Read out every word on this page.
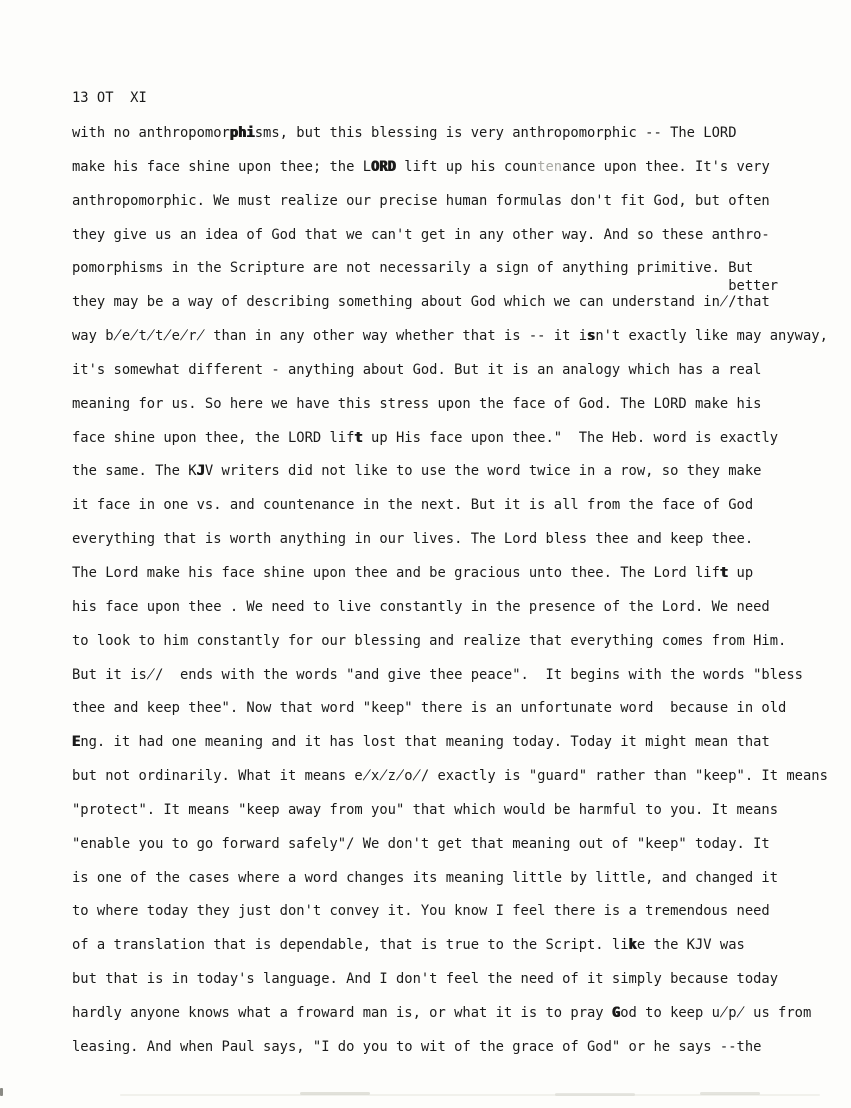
13 OT  XI
with no anthropomorphisms, but this blessing is very anthropomorphic -- The LORD
make his face shine upon thee; the LORD lift up his countenance upon thee. It's very
anthropomorphic. We must realize our precise human formulas don't fit God, but often
they give us an idea of God that we can't get in any other way. And so these anthro-
pomorphisms in the Scripture are not necessarily a sign of anything primitive. But
they may be a way of describing something about God which we can understand in̸better/that
way b̸e̸t̸t̸e̸r̸ than in any other way whether that is -- it isn't exactly like may anyway,
it's somewhat different - anything about God. But it is an analogy which has a real
meaning for us. So here we have this stress upon the face of God. The LORD make his
face shine upon thee, the LORD lift up His face upon thee."  The Heb. word is exactly
the same. The KJV writers did not like to use the word twice in a row, so they make
it face in one vs. and countenance in the next. But it is all from the face of God
everything that is worth anything in our lives. The Lord bless thee and keep thee.
The Lord make his face shine upon thee and be gracious unto thee. The Lord lift up
his face upon thee . We need to live constantly in the presence of the Lord. We need
to look to him constantly for our blessing and realize that everything comes from Him.
But it is̸/  ends with the words "and give thee peace".  It begins with the words "bless
thee and keep thee". Now that word "keep" there is an unfortunate word  because in old
Eng. it had one meaning and it has lost that meaning today. Today it might mean that
but not ordinarily. What it means e̸x̸z̸o̸/ exactly is "guard" rather than "keep". It means
"protect". It means "keep away from you" that which would be harmful to you. It means
"enable you to go forward safely"/ We don't get that meaning out of "keep" today. It
is one of the cases where a word changes its meaning little by little, and changed it
to where today they just don't convey it. You know I feel there is a tremendous need
of a translation that is dependable, that is true to the Script. like the KJV was
but that is in today's language. And I don't feel the need of it simply because today
hardly anyone knows what a froward man is, or what it is to pray God to keep u̸p̸ us from
leasing. And when Paul says, "I do you to wit of the grace of God" or he says --the
